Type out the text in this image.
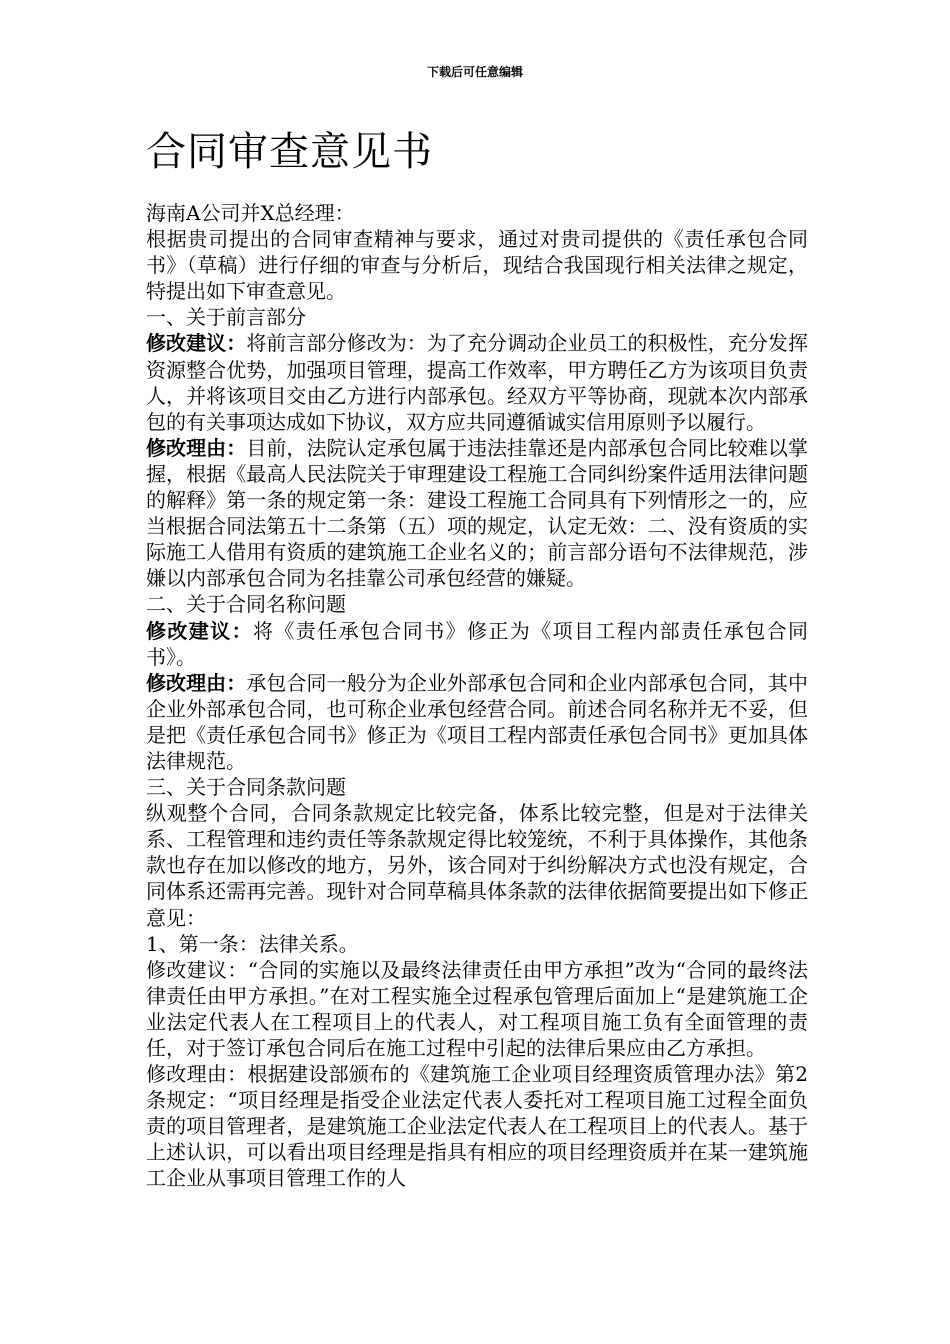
下载后可任意编辑
合同审查意见书

海南A公司并X总经理：

根据贵司提出的合同审查精神与要求，通过对贵司提供的《责任承包合同书》（草稿）进行仔细的审查与分析后，现结合我国现行相关法律之规定，特提出如下审查意见。

一、关于前言部分

修改建议：将前言部分修改为：为了充分调动企业员工的积极性，充分发挥资源整合优势，加强项目管理，提高工作效率，甲方聘任乙方为该项目负责人，并将该项目交由乙方进行内部承包。经双方平等协商，现就本次内部承包的有关事项达成如下协议，双方应共同遵循诚实信用原则予以履行。

修改理由：目前，法院认定承包属于违法挂靠还是内部承包合同比较难以掌握，根据《最高人民法院关于审理建设工程施工合同纠纷案件适用法律问题的解释》第一条的规定第一条：建设工程施工合同具有下列情形之一的，应当根据合同法第五十二条第（五）项的规定，认定无效：二、没有资质的实际施工人借用有资质的建筑施工企业名义的；前言部分语句不法律规范，涉嫌以内部承包合同为名挂靠公司承包经营的嫌疑。

二、关于合同名称问题

修改建议：将《责任承包合同书》修正为《项目工程内部责任承包合同书》。

修改理由：承包合同一般分为企业外部承包合同和企业内部承包合同，其中企业外部承包合同，也可称企业承包经营合同。前述合同名称并无不妥，但是把《责任承包合同书》修正为《项目工程内部责任承包合同书》更加具体法律规范。

三、关于合同条款问题

纵观整个合同，合同条款规定比较完备，体系比较完整，但是对于法律关系、工程管理和违约责任等条款规定得比较笼统，不利于具体操作，其他条款也存在加以修改的地方，另外，该合同对于纠纷解决方式也没有规定，合同体系还需再完善。现针对合同草稿具体条款的法律依据简要提出如下修正意见：

1、第一条：法律关系。

修改建议：“合同的实施以及最终法律责任由甲方承担”改为“合同的最终法律责任由甲方承担。”在对工程实施全过程承包管理后面加上“是建筑施工企业法定代表人在工程项目上的代表人，对工程项目施工负有全面管理的责任，对于签订承包合同后在施工过程中引起的法律后果应由乙方承担。

修改理由：根据建设部颁布的《建筑施工企业项目经理资质管理办法》第2条规定：“项目经理是指受企业法定代表人委托对工程项目施工过程全面负责的项目管理者，是建筑施工企业法定代表人在工程项目上的代表人。基于上述认识，可以看出项目经理是指具有相应的项目经理资质并在某一建筑施工企业从事项目管理工作的人
